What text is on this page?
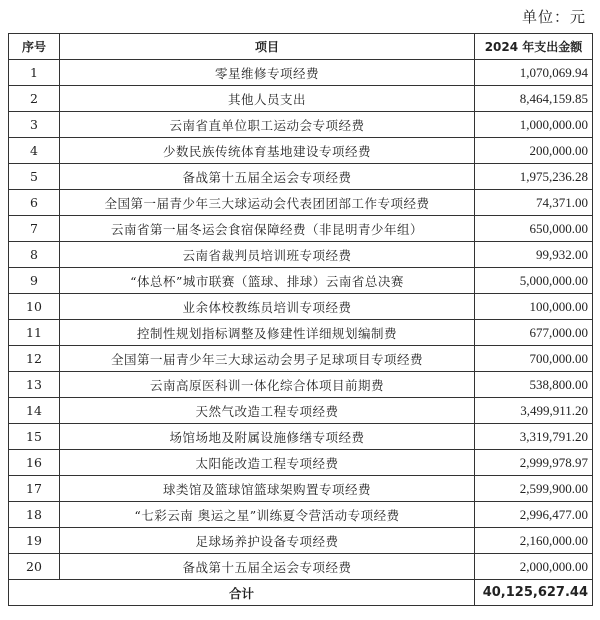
单位：元
序号	项目	2024 年支出金额
1	零星维修专项经费	1,070,069.94
2	其他人员支出	8,464,159.85
3	云南省直单位职工运动会专项经费	1,000,000.00
4	少数民族传统体育基地建设专项经费	200,000.00
5	备战第十五届全运会专项经费	1,975,236.28
6	全国第一届青少年三大球运动会代表团团部工作专项经费	74,371.00
7	云南省第一届冬运会食宿保障经费（非昆明青少年组）	650,000.00
8	云南省裁判员培训班专项经费	99,932.00
9	“体总杯”城市联赛（篮球、排球）云南省总决赛	5,000,000.00
10	业余体校教练员培训专项经费	100,000.00
11	控制性规划指标调整及修建性详细规划编制费	677,000.00
12	全国第一届青少年三大球运动会男子足球项目专项经费	700,000.00
13	云南高原医科训一体化综合体项目前期费	538,800.00
14	天然气改造工程专项经费	3,499,911.20
15	场馆场地及附属设施修缮专项经费	3,319,791.20
16	太阳能改造工程专项经费	2,999,978.97
17	球类馆及篮球馆篮球架购置专项经费	2,599,900.00
18	“七彩云南 奥运之星”训练夏令营活动专项经费	2,996,477.00
19	足球场养护设备专项经费	2,160,000.00
20	备战第十五届全运会专项经费	2,000,000.00
合计		40,125,627.44
